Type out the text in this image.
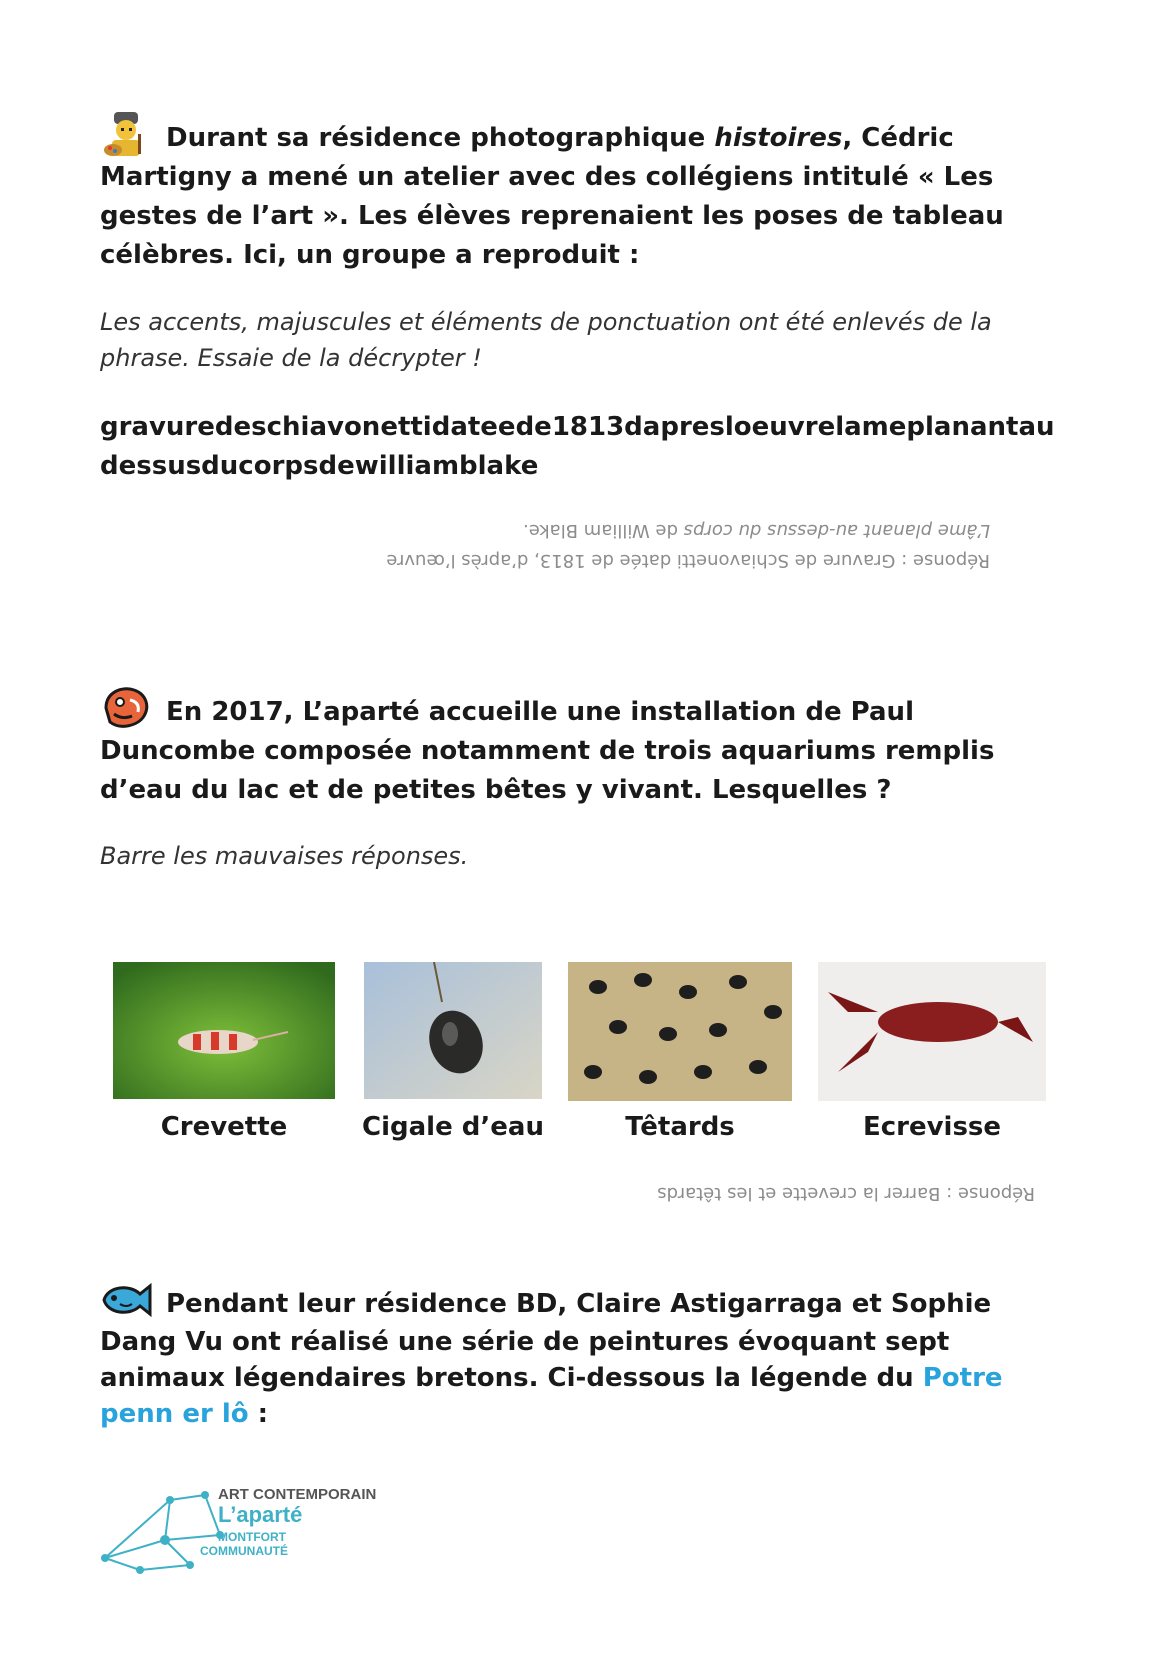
Durant sa résidence photographique histoires, Cédric Martigny a mené un atelier avec des collégiens intitulé « Les gestes de l’art ». Les élèves reprenaient les poses de tableau célèbres. Ici, un groupe a reproduit :

Les accents, majuscules et éléments de ponctuation ont été enlevés de la phrase. Essaie de la décrypter !
gravuredeschiavonettidateede1813dapresloeuvrelameplanantaudessusducorpsdewilliamblake
Réponse : Gravure de Schiavonetti datée de 1813, d’après l’œuvre
L’âme planant au-dessus du corps de William Blake.

En 2017, L’aparté accueille une installation de Paul Duncombe composée notamment de trois aquariums remplis d’eau du lac et de petites bêtes y vivant. Lesquelles ?

Barre les mauvaises réponses.
Crevette	Cigale d’eau	Têtards	Ecrevisse
Réponse : Barrer la crevette et les têtards

Pendant leur résidence BD, Claire Astigarraga et Sophie Dang Vu ont réalisé une série de peintures évoquant sept animaux légendaires bretons. Ci-dessous la légende du Potre penn er lô :

ART CONTEMPORAIN
L’aparté
MONTFORT
COMMUNAUTÉ
